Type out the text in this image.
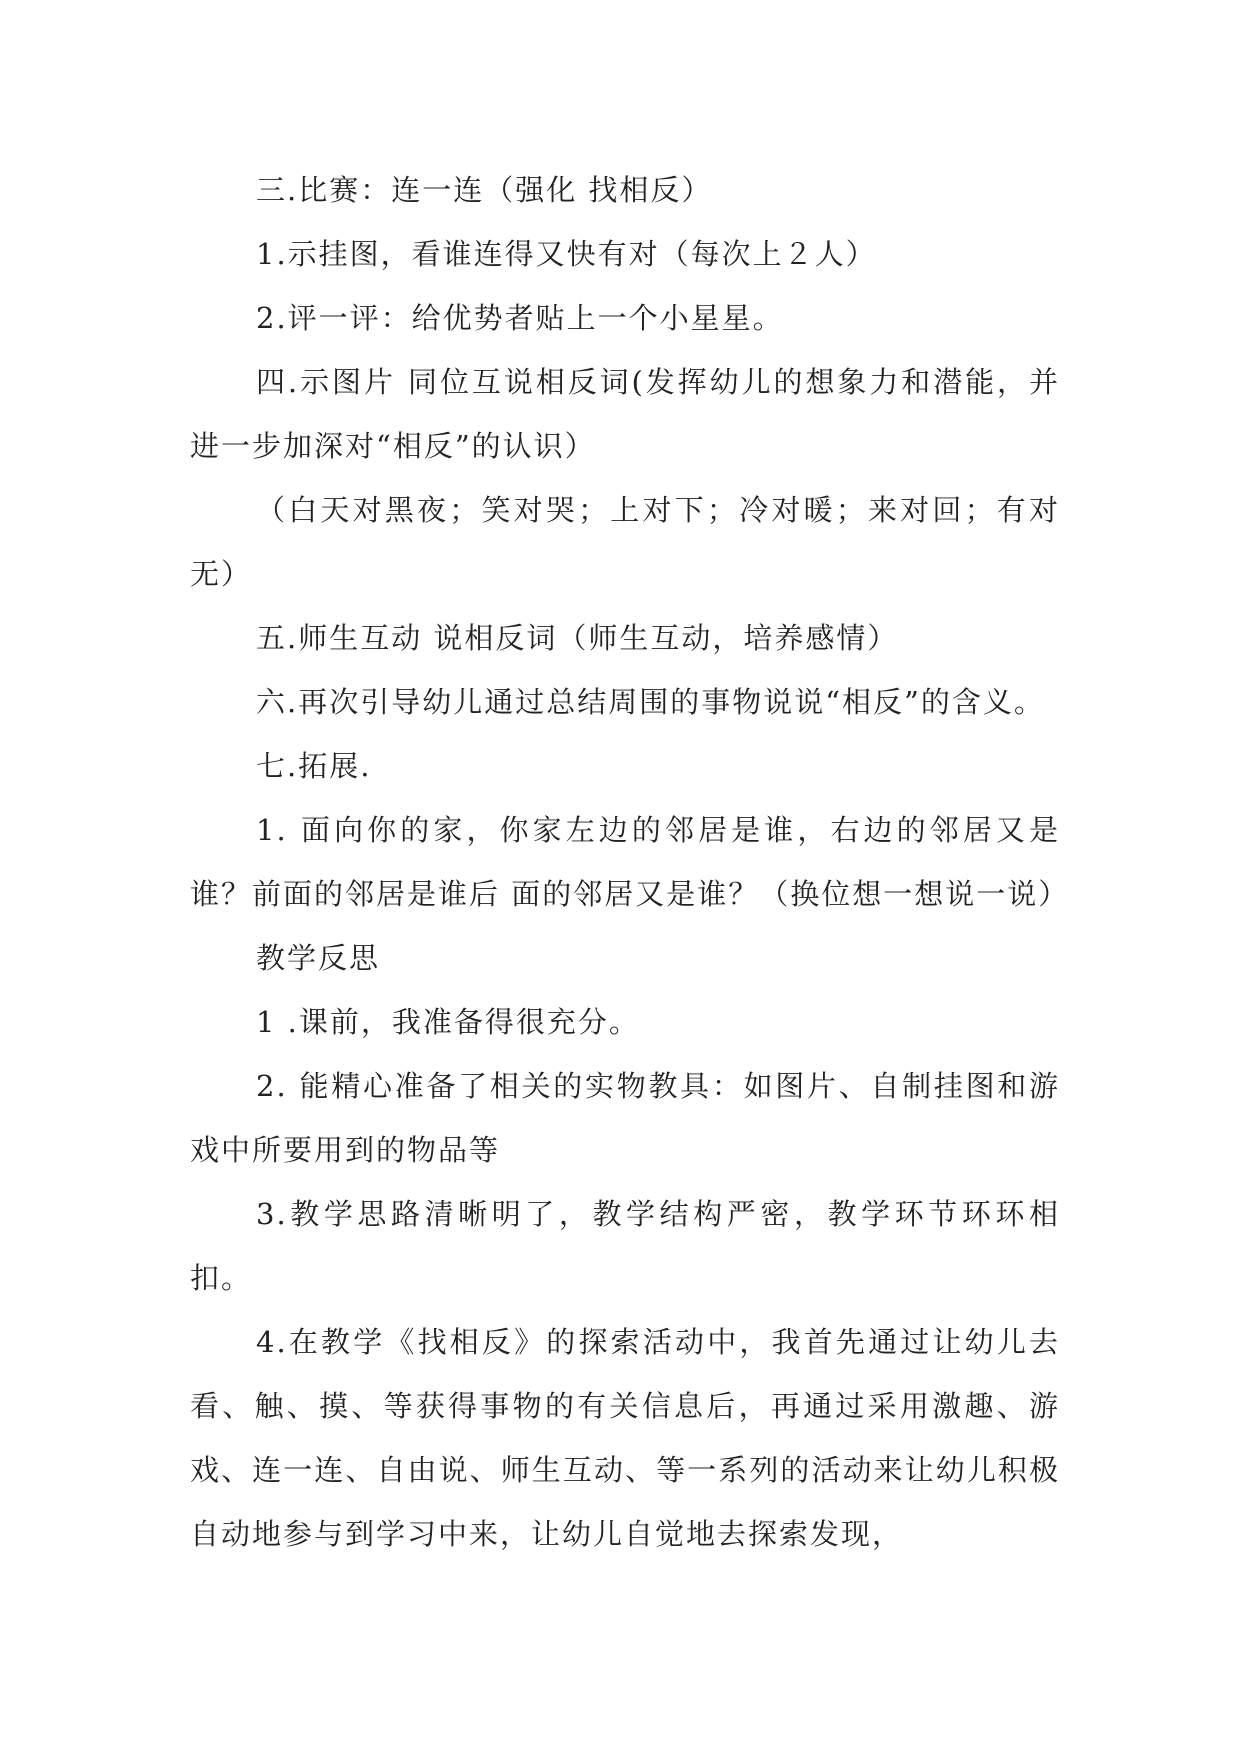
三.比赛：连一连（强化 找相反）

1.示挂图，看谁连得又快有对（每次上２人）

2.评一评：给优势者贴上一个小星星。

四.示图片 同位互说相反词(发挥幼儿的想象力和潜能，并进一步加深对“相反”的认识）

（白天对黑夜；笑对哭；上对下；冷对暖；来对回；有对无）

五.师生互动 说相反词（师生互动，培养感情）

六.再次引导幼儿通过总结周围的事物说说“相反”的含义。

七.拓展.

1. 面向你的家，你家左边的邻居是谁，右边的邻居又是谁？前面的邻居是谁后 面的邻居又是谁？（换位想一想说一说）

教学反思

1 .课前，我准备得很充分。

2. 能精心准备了相关的实物教具：如图片、自制挂图和游戏中所要用到的物品等

3.教学思路清晰明了，教学结构严密，教学环节环环相扣。

4.在教学《找相反》的探索活动中，我首先通过让幼儿去看、触、摸、等获得事物的有关信息后，再通过采用激趣、游戏、连一连、自由说、师生互动、等一系列的活动来让幼儿积极自动地参与到学习中来，让幼儿自觉地去探索发现，
